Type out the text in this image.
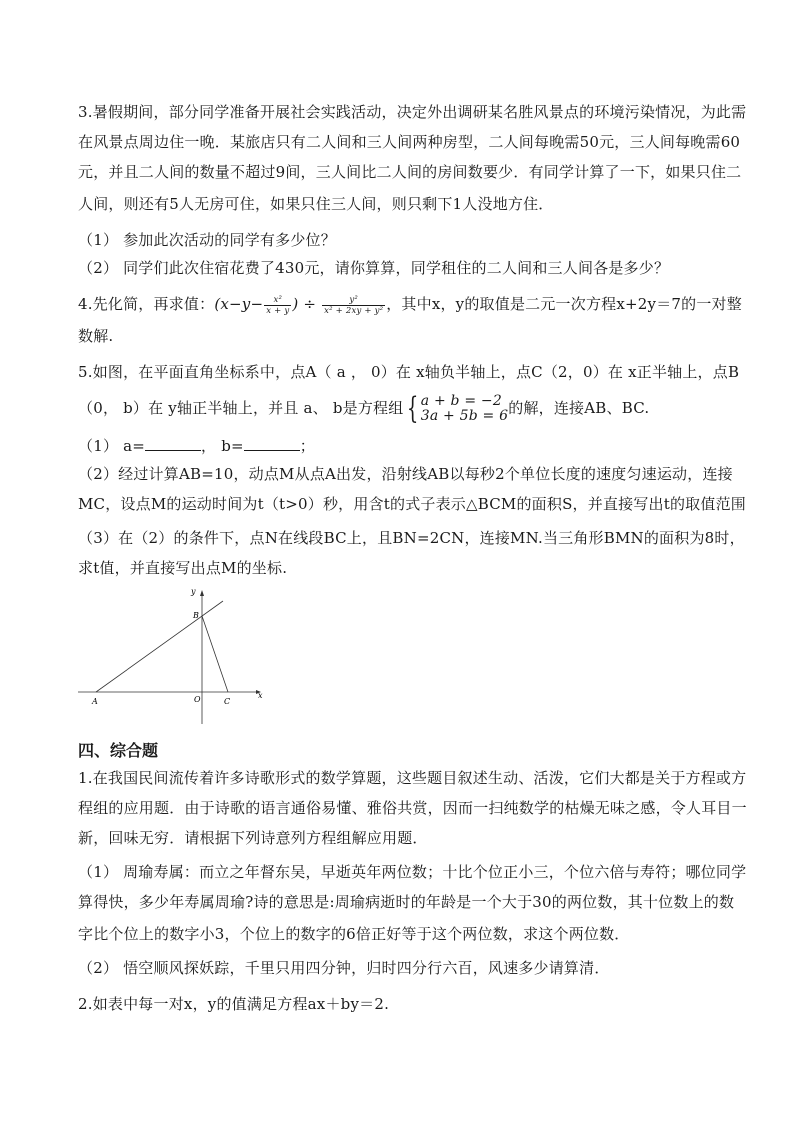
3.暑假期间，部分同学准备开展社会实践活动，决定外出调研某名胜风景点的环境污染情况，为此需
在风景点周边住一晚．某旅店只有二人间和三人间两种房型，二人间每晚需50元，三人间每晚需60
元，并且二人间的数量不超过9间，三人间比二人间的房间数要少．有同学计算了一下，如果只住二
人间，则还有5人无房可住，如果只住三人间，则只剩下1人没地方住．
（1） 参加此次活动的同学有多少位？
（2） 同学们此次住宿花费了430元，请你算算，同学租住的二人间和三人间各是多少？
4.先化简，再求值：($x-y- \frac{\text{x²}}{x + y}$ ) ÷ $\frac{\text{y²}}{\text{x² + 2xy + y²}}$ ，其中x，y的取值是二元一次方程x+2y＝7的一对整
数解.
5.如图，在平面直角坐标系中，点A（ a ， 0）在 x轴负半轴上，点C（2，0）在 x正半轴上，点B
（0， b）在 y轴正半轴上，并且 a、 b是方程组 { a + b = −2
3a + 5b = 6 的解，连接AB、BC.
（1） a=	， b=	；
（2）经过计算AB=10，动点M从点A出发，沿射线AB以每秒2个单位长度的速度匀速运动，连接
MC，设点M的运动时间为t（t>0）秒，用含t的式子表示△BCM的面积S，并直接写出t的取值范围
（3）在（2）的条件下，点N在线段BC上，且BN=2CN，连接MN.当三角形BMN的面积为8时，
求t值，并直接写出点M的坐标.
y
x
B
A	O	C
四、综合题
1.在我国民间流传着许多诗歌形式的数学算题，这些题目叙述生动、活泼，它们大都是关于方程或方
程组的应用题．由于诗歌的语言通俗易懂、雅俗共赏，因而一扫纯数学的枯燥无味之感，令人耳目一
新，回味无穷．请根据下列诗意列方程组解应用题．
（1） 周瑜寿属：而立之年督东吴，早逝英年两位数；十比个位正小三，个位六倍与寿符；哪位同学
算得快，多少年寿属周瑜?诗的意思是:周瑜病逝时的年龄是一个大于30的两位数，其十位数上的数
字比个位上的数字小3，个位上的数字的6倍正好等于这个两位数，求这个两位数．
（2） 悟空顺风探妖踪，千里只用四分钟，归时四分行六百，风速多少请算清．
2.如表中每一对x，y的值满足方程ax＋by＝2.
